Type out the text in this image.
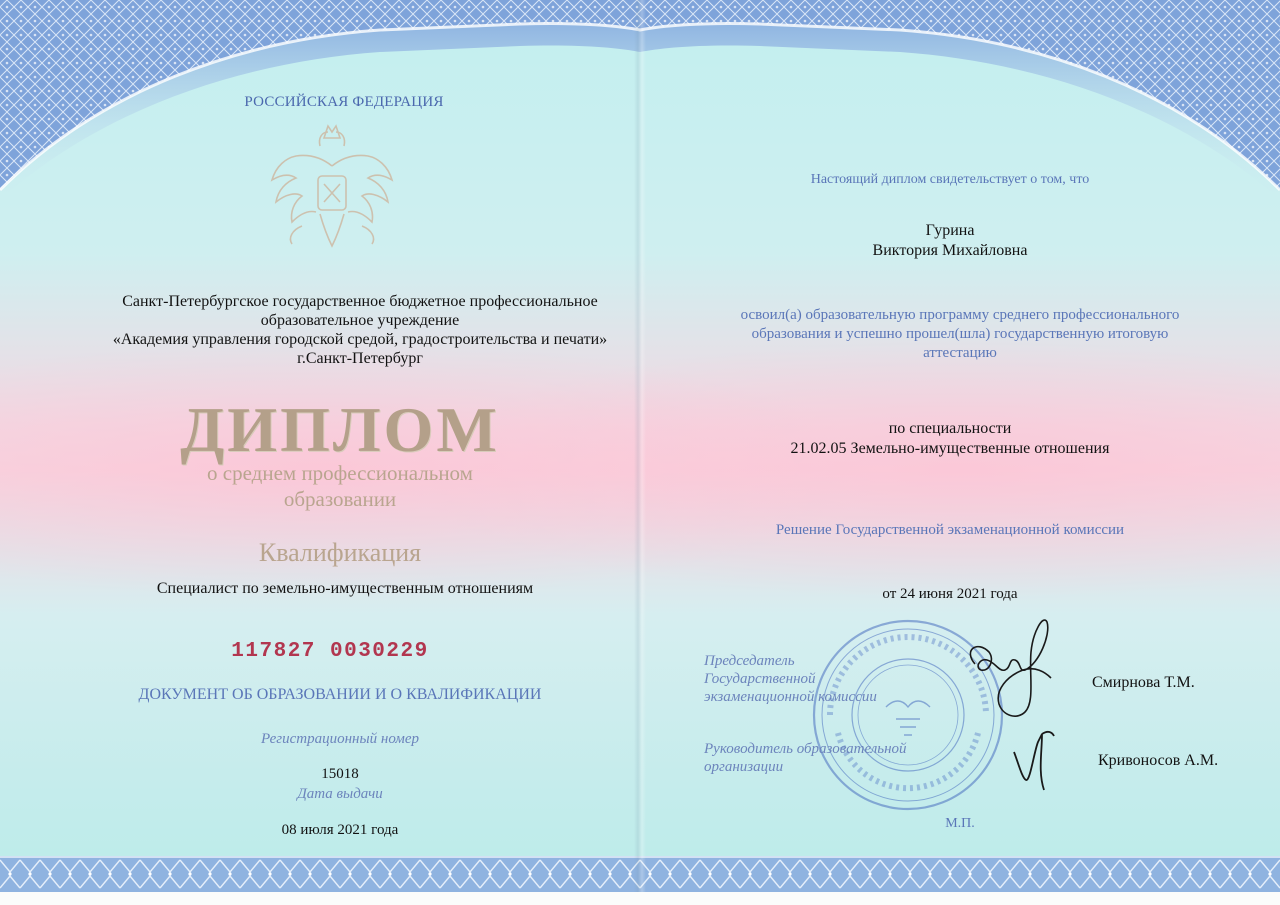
РОССИЙСКАЯ ФЕДЕРАЦИЯ
Санкт-Петербургское государственное бюджетное профессиональное
образовательное учреждение
«Академия управления городской средой, градостроительства и печати»
г.Санкт-Петербург
ДИПЛОМ
о среднем профессиональном
образовании
Квалификация
Специалист по земельно-имущественным отношениям
117827 0030229
ДОКУМЕНТ ОБ ОБРАЗОВАНИИ И О КВАЛИФИКАЦИИ
Регистрационный номер
15018
Дата выдачи
08 июля 2021 года
Настоящий диплом свидетельствует о том, что
Гурина
Виктория Михайловна
освоил(а) образовательную программу среднего профессионального
образования и успешно прошел(шла) государственную итоговую
аттестацию
по специальности
21.02.05 Земельно-имущественные отношения
Решение Государственной экзаменационной комиссии
от 24 июня 2021 года
Председатель
Государственной
экзаменационной комиссии
Смирнова Т.М.
Руководитель образовательной
организации	Кривоносов А.М.
М.П.
